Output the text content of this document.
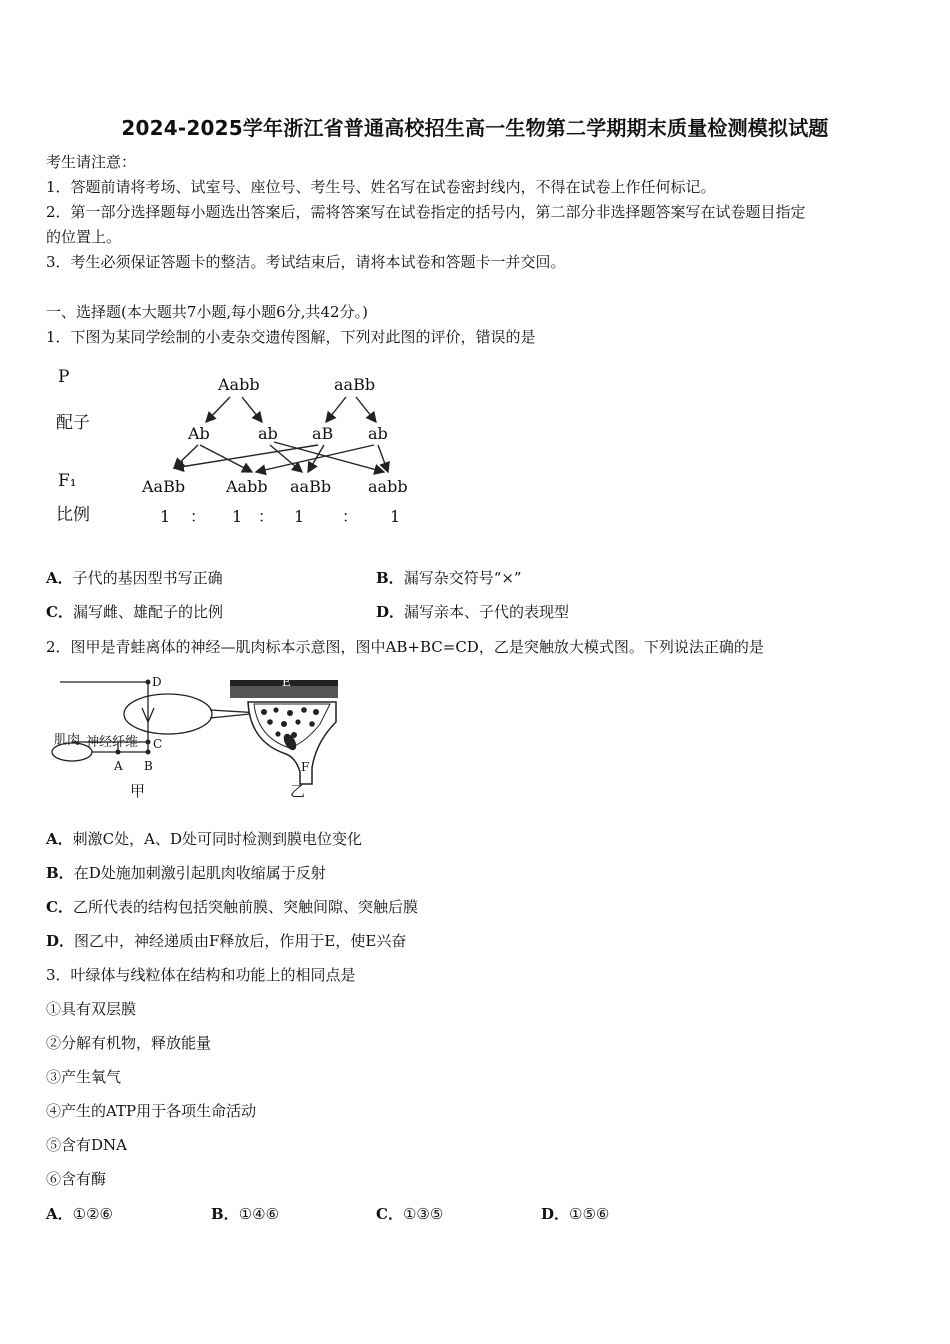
2024-2025学年浙江省普通高校招生高一生物第二学期期末质量检测模拟试题
考生请注意：
1．答题前请将考场、试室号、座位号、考生号、姓名写在试卷密封线内，不得在试卷上作任何标记。
2．第一部分选择题每小题选出答案后，需将答案写在试卷指定的括号内，第二部分非选择题答案写在试卷题目指定
的位置上。
3．考生必须保证答题卡的整洁。考试结束后，请将本试卷和答题卡一并交回。
一、选择题(本大题共7小题,每小题6分,共42分。)
1．下图为某同学绘制的小麦杂交遗传图解，下列对此图的评价，错误的是
P
配子
F₁
比例
Aabb	aaBb
Ab	ab aB ab
AaBb	Aabb aaBb aabb
1 ： 1 ： 1 ： 1
A．子代的基因型书写正确	B．漏写杂交符号“×”
C．漏写雌、雄配子的比例	D．漏写亲本、子代的表现型
2．图甲是青蛙离体的神经—肌肉标本示意图，图中AB+BC=CD，乙是突触放大模式图。下列说法正确的是
D
C
A B
肌肉 神经纤维
甲
E
F
乙
A．刺激C处，A、D处可同时检测到膜电位变化
B．在D处施加刺激引起肌肉收缩属于反射
C．乙所代表的结构包括突触前膜、突触间隙、突触后膜
D．图乙中，神经递质由F释放后，作用于E，使E兴奋
3．叶绿体与线粒体在结构和功能上的相同点是
①具有双层膜
②分解有机物，释放能量
③产生氧气
④产生的ATP用于各项生命活动
⑤含有DNA
⑥含有酶
A．①②⑥	B．①④⑥	C．①③⑤	D．①⑤⑥
